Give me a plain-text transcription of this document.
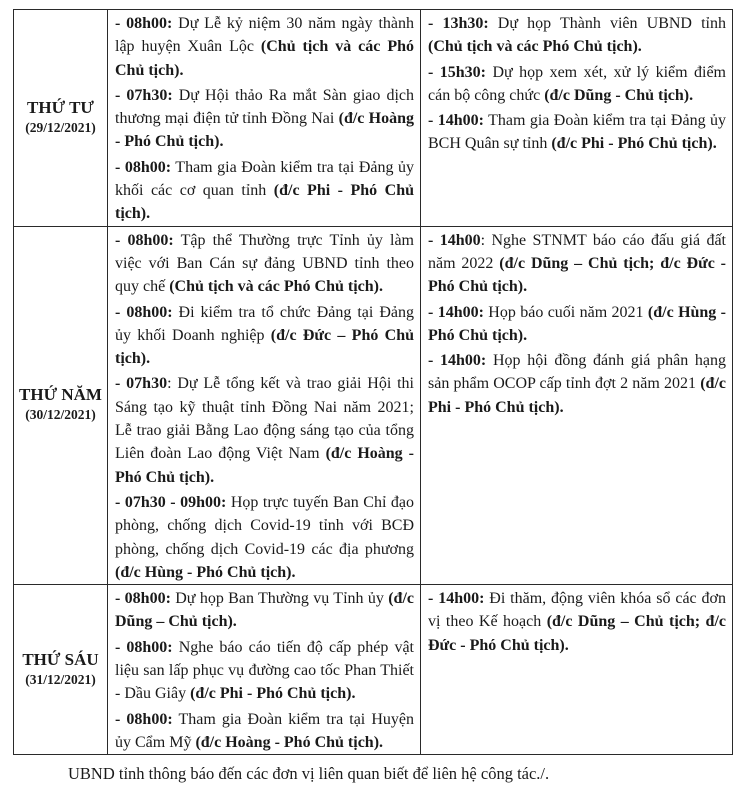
THỨ TƯ
(29/12/2021)

- 08h00: Dự Lễ kỷ niệm 30 năm ngày thành lập huyện Xuân Lộc (Chủ tịch và các Phó Chủ tịch).
- 07h30: Dự Hội thảo Ra mắt Sàn giao dịch thương mại điện tử tỉnh Đồng Nai (đ/c Hoàng - Phó Chủ tịch).
- 08h00: Tham gia Đoàn kiểm tra tại Đảng ủy khối các cơ quan tỉnh (đ/c Phi - Phó Chủ tịch).

- 13h30: Dự họp Thành viên UBND tỉnh (Chủ tịch và các Phó Chủ tịch).
- 15h30: Dự họp xem xét, xử lý kiểm điểm cán bộ công chức (đ/c Dũng - Chủ tịch).
- 14h00: Tham gia Đoàn kiểm tra tại Đảng ủy BCH Quân sự tỉnh (đ/c Phi - Phó Chủ tịch).

THỨ NĂM
(30/12/2021)

- 08h00: Tập thể Thường trực Tỉnh ủy làm việc với Ban Cán sự đảng UBND tỉnh theo quy chế (Chủ tịch và các Phó Chủ tịch).
- 08h00: Đi kiểm tra tổ chức Đảng tại Đảng ủy khối Doanh nghiệp (đ/c Đức – Phó Chủ tịch).
- 07h30: Dự Lễ tổng kết và trao giải Hội thi Sáng tạo kỹ thuật tỉnh Đồng Nai năm 2021; Lễ trao giải Bằng Lao động sáng tạo của tổng Liên đoàn Lao động Việt Nam (đ/c Hoàng - Phó Chủ tịch).
- 07h30 - 09h00: Họp trực tuyến Ban Chỉ đạo phòng, chống dịch Covid-19 tỉnh với BCĐ phòng, chống dịch Covid-19 các địa phương (đ/c Hùng - Phó Chủ tịch).

- 14h00: Nghe STNMT báo cáo đấu giá đất năm 2022 (đ/c Dũng – Chủ tịch; đ/c Đức - Phó Chủ tịch).
- 14h00: Họp báo cuối năm 2021 (đ/c Hùng - Phó Chủ tịch).
- 14h00: Họp hội đồng đánh giá phân hạng sản phẩm OCOP cấp tỉnh đợt 2 năm 2021 (đ/c Phi - Phó Chủ tịch).

THỨ SÁU
(31/12/2021)

- 08h00: Dự họp Ban Thường vụ Tỉnh ủy (đ/c Dũng – Chủ tịch).
- 08h00: Nghe báo cáo tiến độ cấp phép vật liệu san lấp phục vụ đường cao tốc Phan Thiết - Dầu Giây (đ/c Phi - Phó Chủ tịch).
- 08h00: Tham gia Đoàn kiểm tra tại Huyện ủy Cẩm Mỹ (đ/c Hoàng - Phó Chủ tịch).

- 14h00: Đi thăm, động viên khóa sổ các đơn vị theo Kế hoạch (đ/c Dũng – Chủ tịch; đ/c Đức - Phó Chủ tịch).
UBND tỉnh thông báo đến các đơn vị liên quan biết để liên hệ công tác./.
